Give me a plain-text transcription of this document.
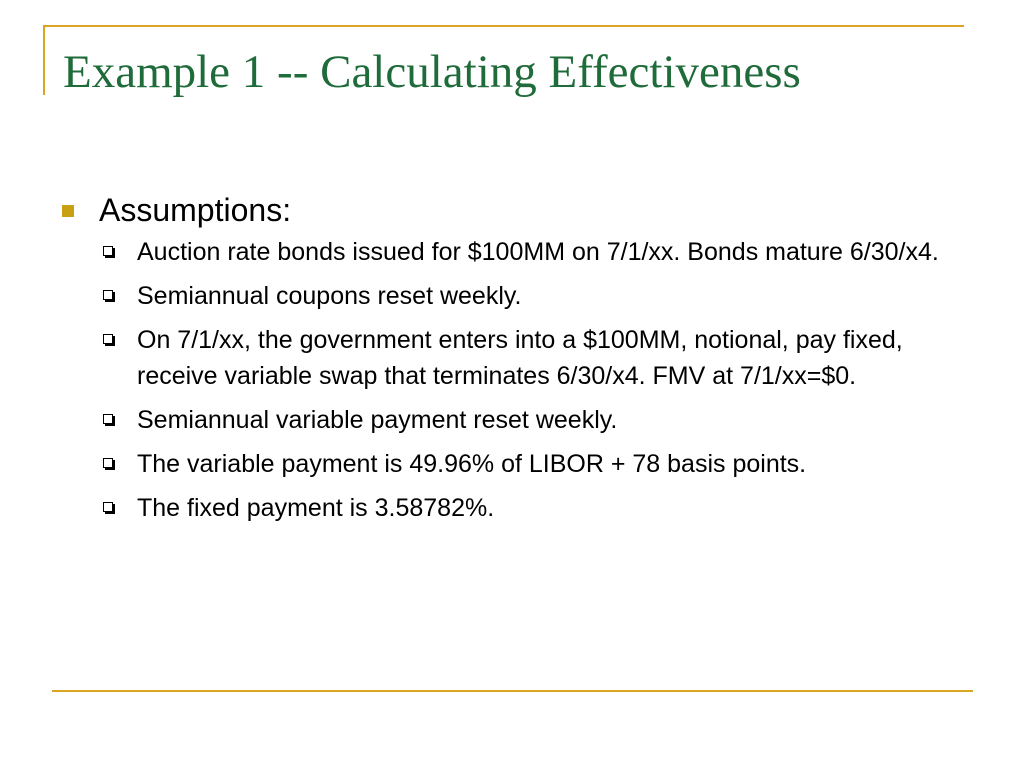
Example 1 -- Calculating Effectiveness
Assumptions:
Auction rate bonds issued for $100MM on 7/1/xx. Bonds mature 6/30/x4.
Semiannual coupons reset weekly.
On 7/1/xx, the government enters into a $100MM, notional, pay fixed, receive variable swap that terminates 6/30/x4. FMV at 7/1/xx=$0.
Semiannual variable payment reset weekly.
The variable payment is 49.96% of LIBOR + 78 basis points.
The fixed payment is 3.58782%.
